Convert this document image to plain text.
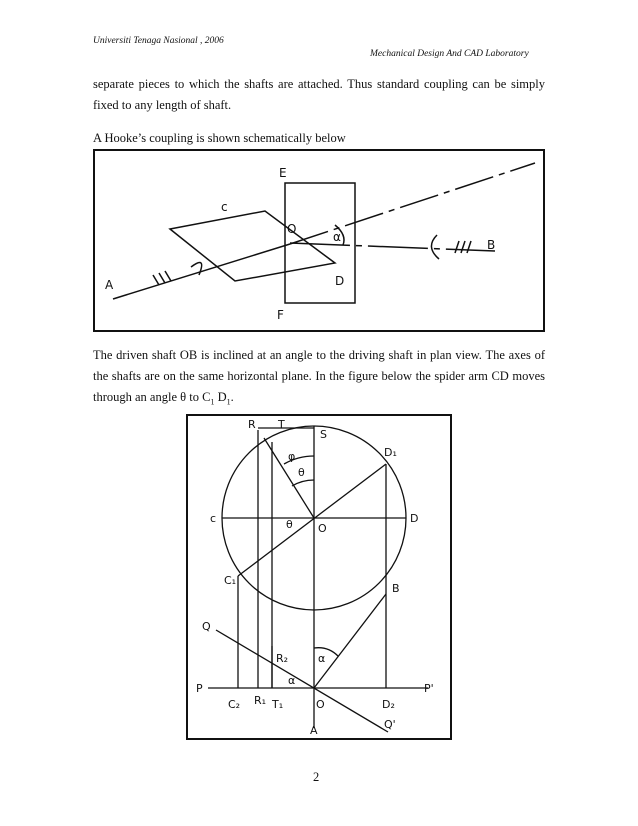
Universiti Tenaga Nasional , 2006
Mechanical Design And CAD Laboratory
separate pieces to which the shafts are attached. Thus standard coupling can be simply
fixed to any length of shaft.
A Hooke’s coupling is shown schematically below
E
c
O
α
D
F
A
B
The driven shaft OB is inclined at an angle to the driving shaft in plan view. The axes of
the shafts are on the same horizontal plane. In the figure below the spider arm CD moves
through an angle θ to $C_1$ $D_1$.
R T
S
φ
θ
D₁
c	θ O
D
C₁
B
Q
R₂	α
α
P	P'
C₂ R₁ T₁	O	D₂
A	Q'
2
